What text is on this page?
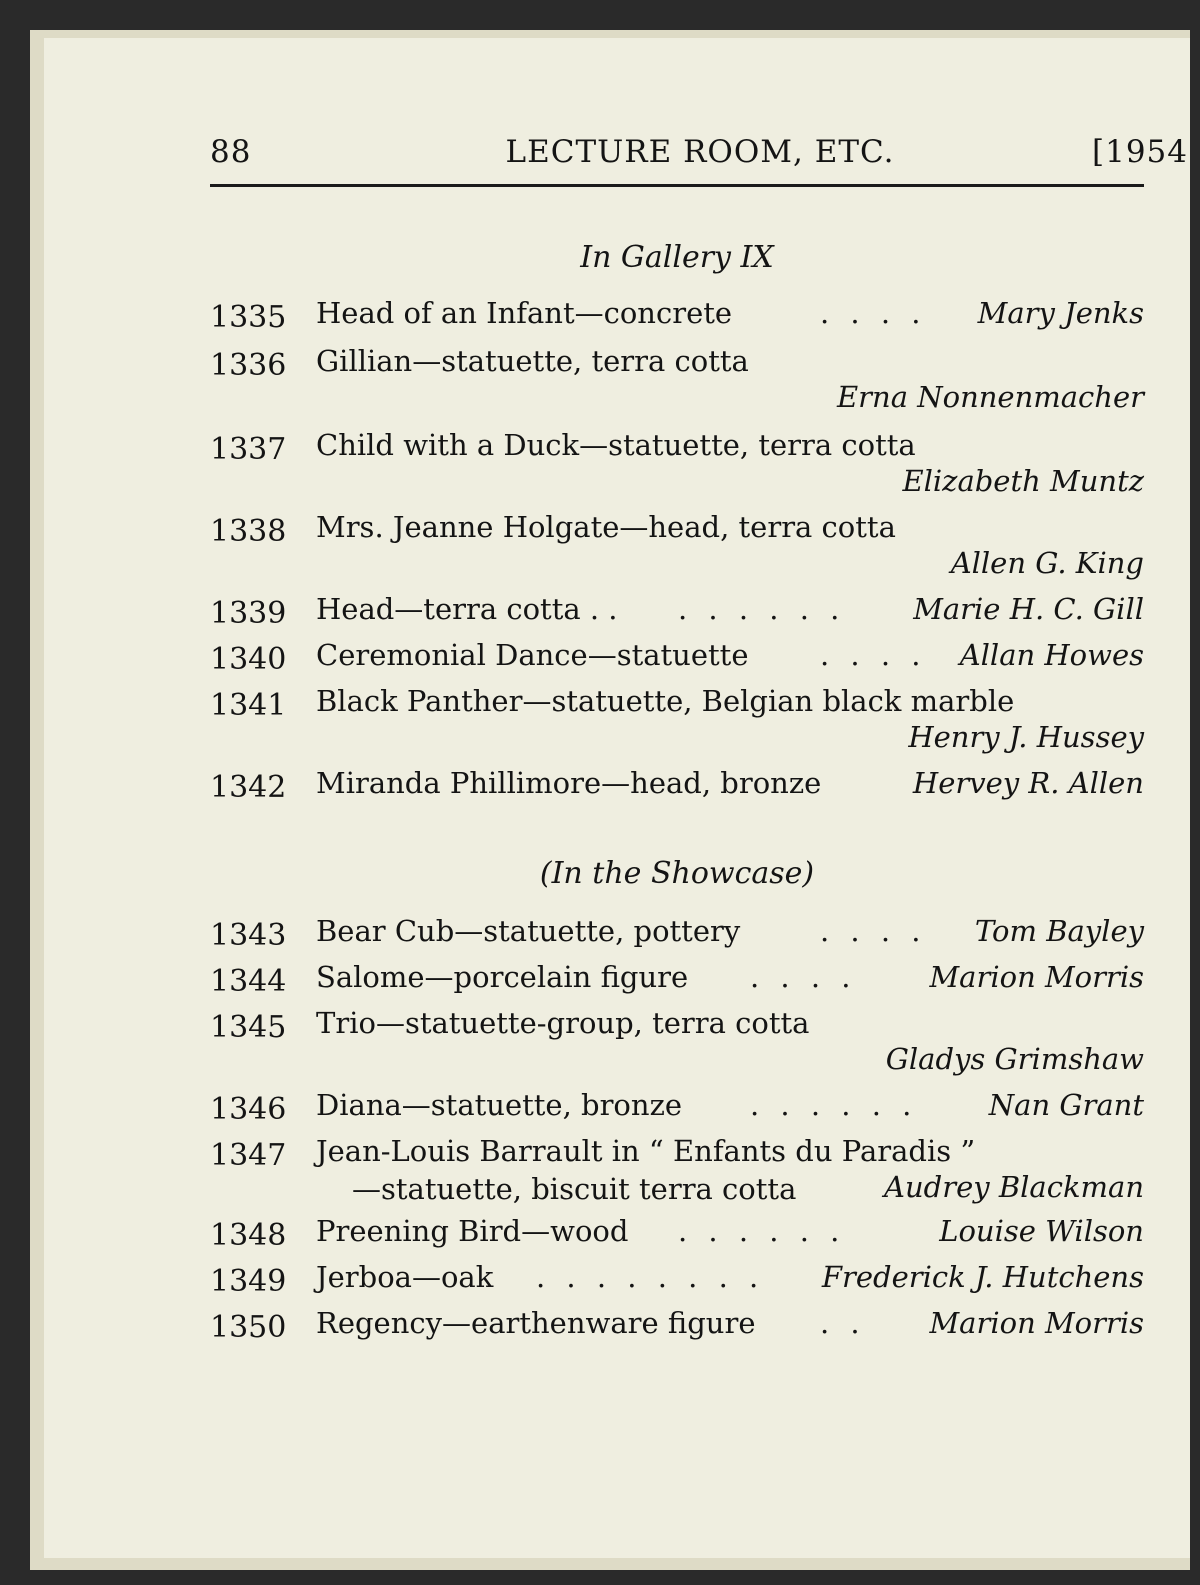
88	LECTURE ROOM, ETC.	[1954
In Gallery IX
1335 Head of an Infant—concrete	. . . . Mary Jenks
1336 Gillian—statuette, terra cotta
Erna Nonnenmacher
1337 Child with a Duck—statuette, terra cotta
Elizabeth Muntz
1338 Mrs. Jeanne Holgate—head, terra cotta
Allen G. King
1339 Head—terra cotta . . . . . . . . Marie H. C. Gill
1340 Ceremonial Dance—statuette . . . . Allan Howes
1341 Black Panther—statuette, Belgian black marble
Henry J. Hussey
1342 Miranda Phillimore—head, bronze	Hervey R. Allen
(In the Showcase)
1343 Bear Cub—statuette, pottery	. . . . Tom Bayley
1344 Salome—porcelain figure . . . .	Marion Morris
1345 Trio—statuette-group, terra cotta
Gladys Grimshaw
1346 Diana—statuette, bronze . . . . . . Nan Grant
1347 Jean-Louis Barrault in “ Enfants du Paradis ”
—statuette, biscuit terra cotta	Audrey Blackman
1348 Preening Bird—wood . . . . . .	Louise Wilson
1349 Jerboa—oak . . . . . . . . Frederick J. Hutchens
1350 Regency—earthenware figure . . Marion Morris
